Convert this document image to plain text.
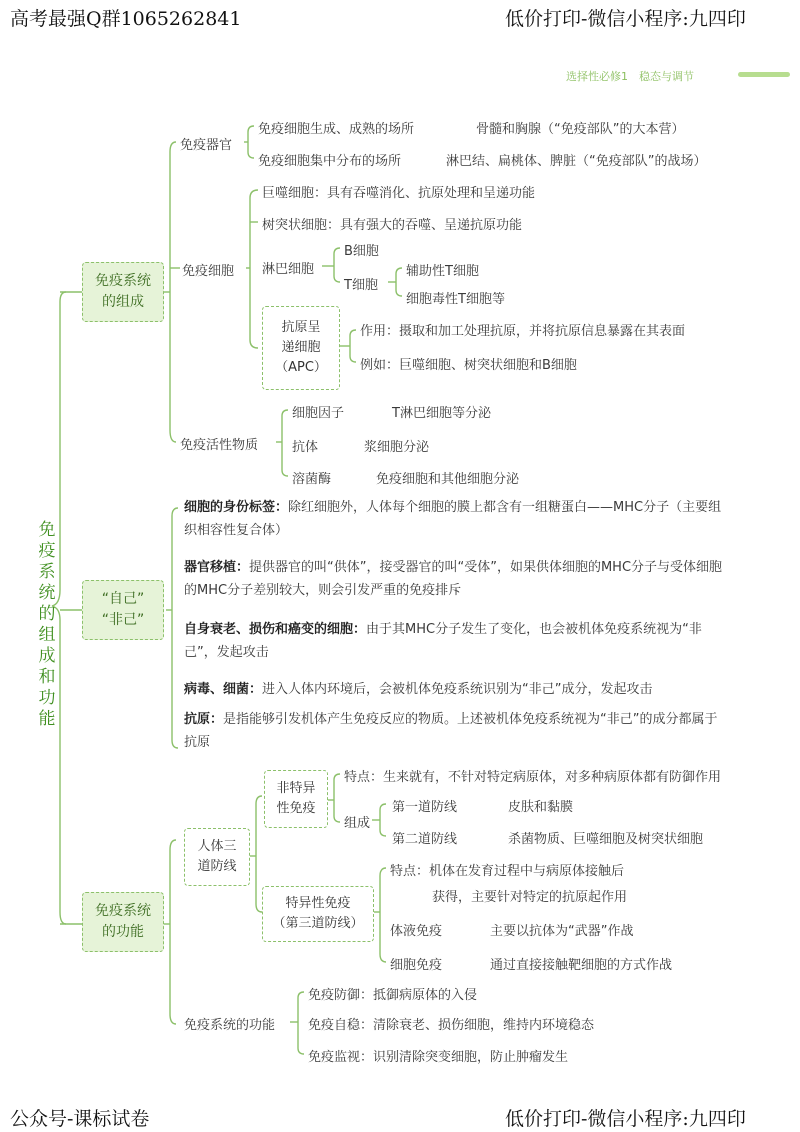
高考最强Q群1065262841	低价打印-微信小程序:九四印
选择性必修1　稳态与调节
公众号-课标试卷	低价打印-微信小程序:九四印
免疫系统的组成和功能
免疫系统
的组成
“自己”
“非己”
免疫系统
的功能
免疫器官
免疫细胞生成、成熟的场所	骨髓和胸腺（“免疫部队”的大本营）
免疫细胞集中分布的场所	淋巴结、扁桃体、脾脏（“免疫部队”的战场）
免疫细胞
巨噬细胞：具有吞噬消化、抗原处理和呈递功能
树突状细胞：具有强大的吞噬、呈递抗原功能
淋巴细胞
B细胞
T细胞
辅助性T细胞
细胞毒性T细胞等
抗原呈
递细胞
（APC）
作用：摄取和加工处理抗原，并将抗原信息暴露在其表面
例如：巨噬细胞、树突状细胞和B细胞
免疫活性物质
细胞因子	T淋巴细胞等分泌
抗体	浆细胞分泌
溶菌酶	免疫细胞和其他细胞分泌
细胞的身份标签：除红细胞外，人体每个细胞的膜上都含有一组糖蛋白——MHC分子（主要组织相容性复合体）
器官移植：提供器官的叫“供体”，接受器官的叫“受体”，如果供体细胞的MHC分子与受体细胞的MHC分子差别较大，则会引发严重的免疫排斥
自身衰老、损伤和癌变的细胞：由于其MHC分子发生了变化，也会被机体免疫系统视为“非己”，发起攻击
病毒、细菌：进入人体内环境后，会被机体免疫系统识别为“非己”成分，发起攻击
抗原：是指能够引发机体产生免疫反应的物质。上述被机体免疫系统视为“非己”的成分都属于抗原
人体三
道防线
非特异
性免疫
特点：生来就有，不针对特定病原体，对多种病原体都有防御作用
组成
第一道防线	皮肤和黏膜
第二道防线	杀菌物质、巨噬细胞及树突状细胞
特异性免疫
（第三道防线）
特点：机体在发育过程中与病原体接触后
获得，主要针对特定的抗原起作用
体液免疫	主要以抗体为“武器”作战
细胞免疫	通过直接接触靶细胞的方式作战
免疫系统的功能
免疫防御：抵御病原体的入侵
免疫自稳：清除衰老、损伤细胞，维持内环境稳态
免疫监视：识别清除突变细胞，防止肿瘤发生
